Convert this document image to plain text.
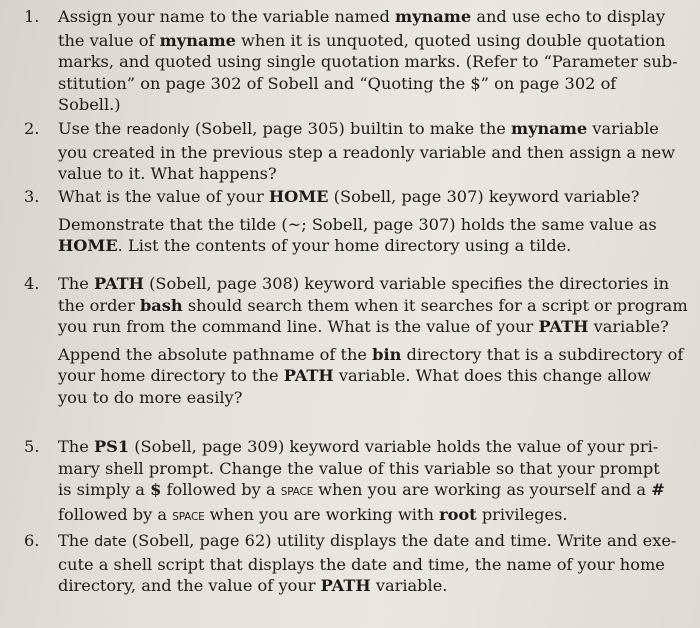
1.	Assign your name to the variable named myname and use echo to display
the value of myname when it is unquoted, quoted using double quotation
marks, and quoted using single quotation marks. (Refer to “Parameter sub-
stitution” on page 302 of Sobell and “Quoting the $” on page 302 of
Sobell.)
2.	Use the readonly (Sobell, page 305) builtin to make the myname variable
you created in the previous step a readonly variable and then assign a new
value to it. What happens?
3.	What is the value of your HOME (Sobell, page 307) keyword variable?
Demonstrate that the tilde (~; Sobell, page 307) holds the same value as
HOME. List the contents of your home directory using a tilde.
4.	The PATH (Sobell, page 308) keyword variable specifies the directories in
the order bash should search them when it searches for a script or program
you run from the command line. What is the value of your PATH variable?
Append the absolute pathname of the bin directory that is a subdirectory of
your home directory to the PATH variable. What does this change allow
you to do more easily?
5.	The PS1 (Sobell, page 309) keyword variable holds the value of your pri-
mary shell prompt. Change the value of this variable so that your prompt
is simply a $ followed by a SPACE when you are working as yourself and a #
followed by a SPACE when you are working with root privileges.
6.	The date (Sobell, page 62) utility displays the date and time. Write and exe-
cute a shell script that displays the date and time, the name of your home
directory, and the value of your PATH variable.
